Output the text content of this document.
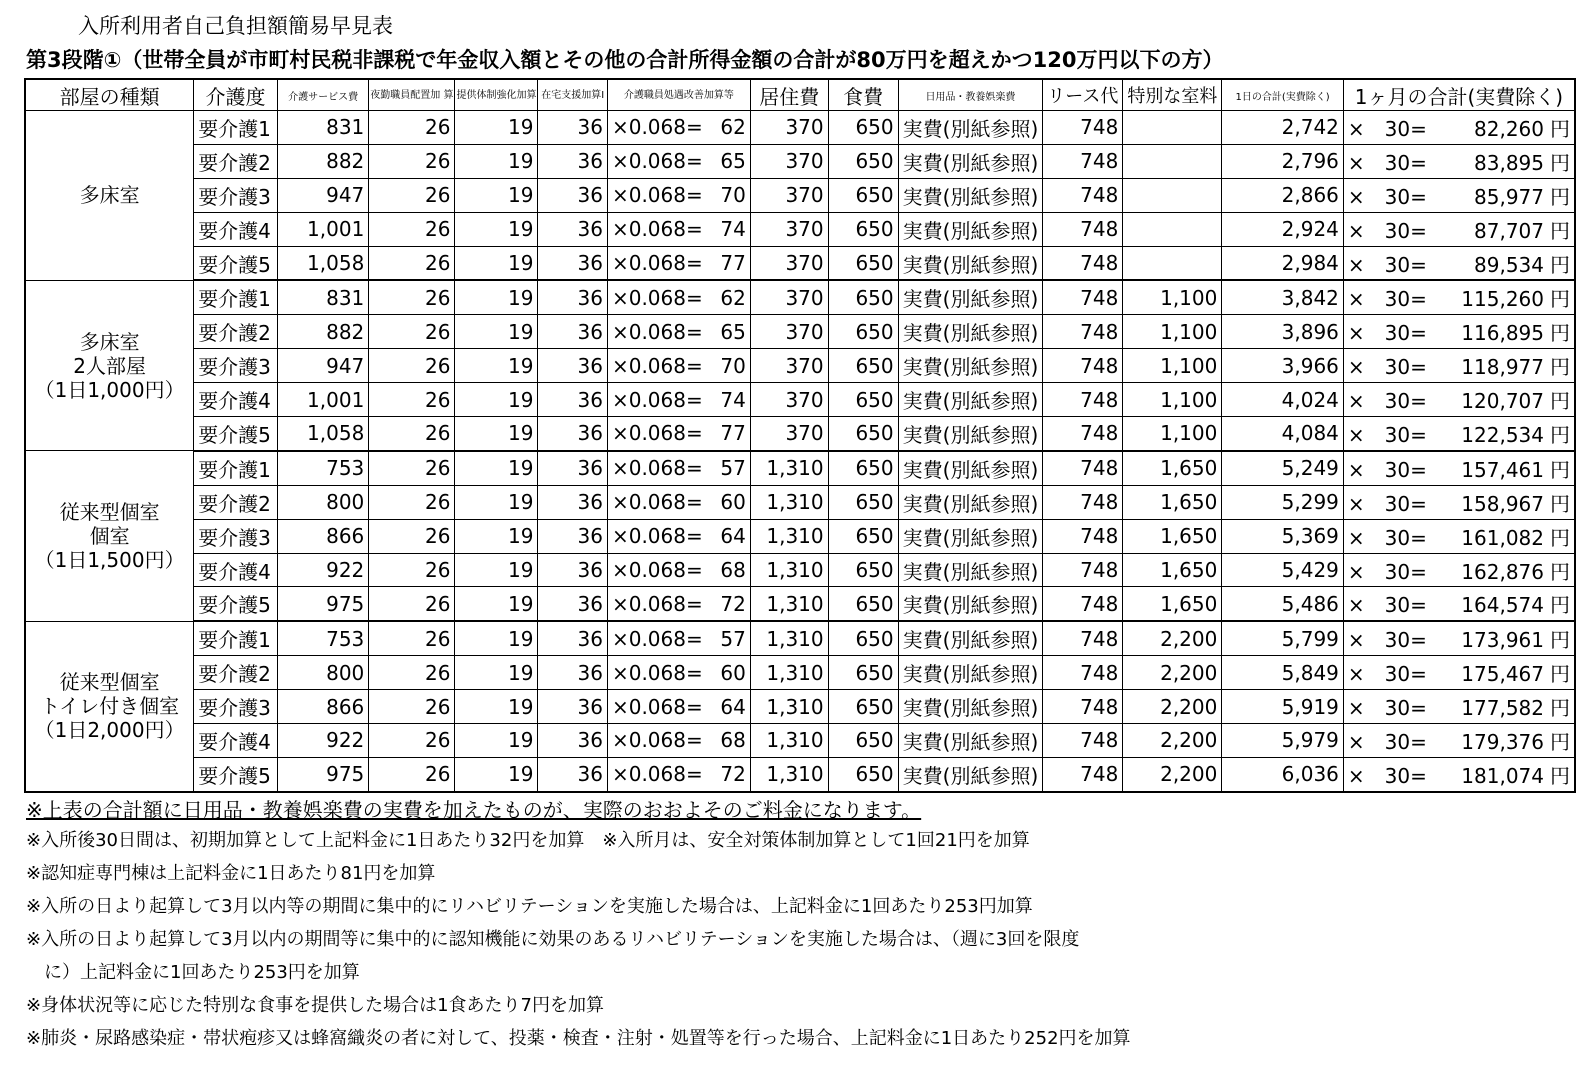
入所利用者自己負担額簡易早見表
第3段階①（世帯全員が市町村民税非課税で年金収入額とその他の合計所得金額の合計が80万円を超えかつ120万円以下の方）
部屋の種類	介護度	介護サービス費	夜勤職員配置加 算	提供体制強化加算	在宅支援加算Ⅰ	介護職員処遇改善加算等		居住費	食費	日用品・教養娯楽費	リース代	特別な室料	1日の合計(実費除く)	1ヶ月の合計(実費除く)	

多床室	要介護1	831	26	19	36	×0.068=	62	370	650	実費(別紙参照)	748		2,742	×　30=	82,260 円
	要介護2	882	26	19	36	×0.068=	65	370	650	実費(別紙参照)	748		2,796	×　30=	83,895 円
	要介護3	947	26	19	36	×0.068=	70	370	650	実費(別紙参照)	748		2,866	×　30=	85,977 円
	要介護4	1,001	26	19	36	×0.068=	74	370	650	実費(別紙参照)	748		2,924	×　30=	87,707 円
	要介護5	1,058	26	19	36	×0.068=	77	370	650	実費(別紙参照)	748		2,984	×　30=	89,534 円

多床室
2人部屋
（1日1,000円）	要介護1	831	26	19	36	×0.068=	62	370	650	実費(別紙参照)	748	1,100	3,842	×　30=	115,260 円
	要介護2	882	26	19	36	×0.068=	65	370	650	実費(別紙参照)	748	1,100	3,896	×　30=	116,895 円
	要介護3	947	26	19	36	×0.068=	70	370	650	実費(別紙参照)	748	1,100	3,966	×　30=	118,977 円
	要介護4	1,001	26	19	36	×0.068=	74	370	650	実費(別紙参照)	748	1,100	4,024	×　30=	120,707 円
	要介護5	1,058	26	19	36	×0.068=	77	370	650	実費(別紙参照)	748	1,100	4,084	×　30=	122,534 円

従来型個室
個室
（1日1,500円）	要介護1	753	26	19	36	×0.068=	57	1,310	650	実費(別紙参照)	748	1,650	5,249	×　30=	157,461 円
	要介護2	800	26	19	36	×0.068=	60	1,310	650	実費(別紙参照)	748	1,650	5,299	×　30=	158,967 円
	要介護3	866	26	19	36	×0.068=	64	1,310	650	実費(別紙参照)	748	1,650	5,369	×　30=	161,082 円
	要介護4	922	26	19	36	×0.068=	68	1,310	650	実費(別紙参照)	748	1,650	5,429	×　30=	162,876 円
	要介護5	975	26	19	36	×0.068=	72	1,310	650	実費(別紙参照)	748	1,650	5,486	×　30=	164,574 円

従来型個室
トイレ付き個室
（1日2,000円）	要介護1	753	26	19	36	×0.068=	57	1,310	650	実費(別紙参照)	748	2,200	5,799	×　30=	173,961 円
	要介護2	800	26	19	36	×0.068=	60	1,310	650	実費(別紙参照)	748	2,200	5,849	×　30=	175,467 円
	要介護3	866	26	19	36	×0.068=	64	1,310	650	実費(別紙参照)	748	2,200	5,919	×　30=	177,582 円
	要介護4	922	26	19	36	×0.068=	68	1,310	650	実費(別紙参照)	748	2,200	5,979	×　30=	179,376 円
	要介護5	975	26	19	36	×0.068=	72	1,310	650	実費(別紙参照)	748	2,200	6,036	×　30=	181,074 円
※上表の合計額に日用品・教養娯楽費の実費を加えたものが、実際のおおよそのご料金になります。
※入所後30日間は、初期加算として上記料金に1日あたり32円を加算　※入所月は、安全対策体制加算として1回21円を加算
※認知症専門棟は上記料金に1日あたり81円を加算
※入所の日より起算して3月以内等の期間に集中的にリハビリテーションを実施した場合は、上記料金に1回あたり253円加算
※入所の日より起算して3月以内の期間等に集中的に認知機能に効果のあるリハビリテーションを実施した場合は、（週に3回を限度
に）上記料金に1回あたり253円を加算
※身体状況等に応じた特別な食事を提供した場合は1食あたり7円を加算
※肺炎・尿路感染症・帯状疱疹又は蜂窩織炎の者に対して、投薬・検査・注射・処置等を行った場合、上記料金に1日あたり252円を加算
